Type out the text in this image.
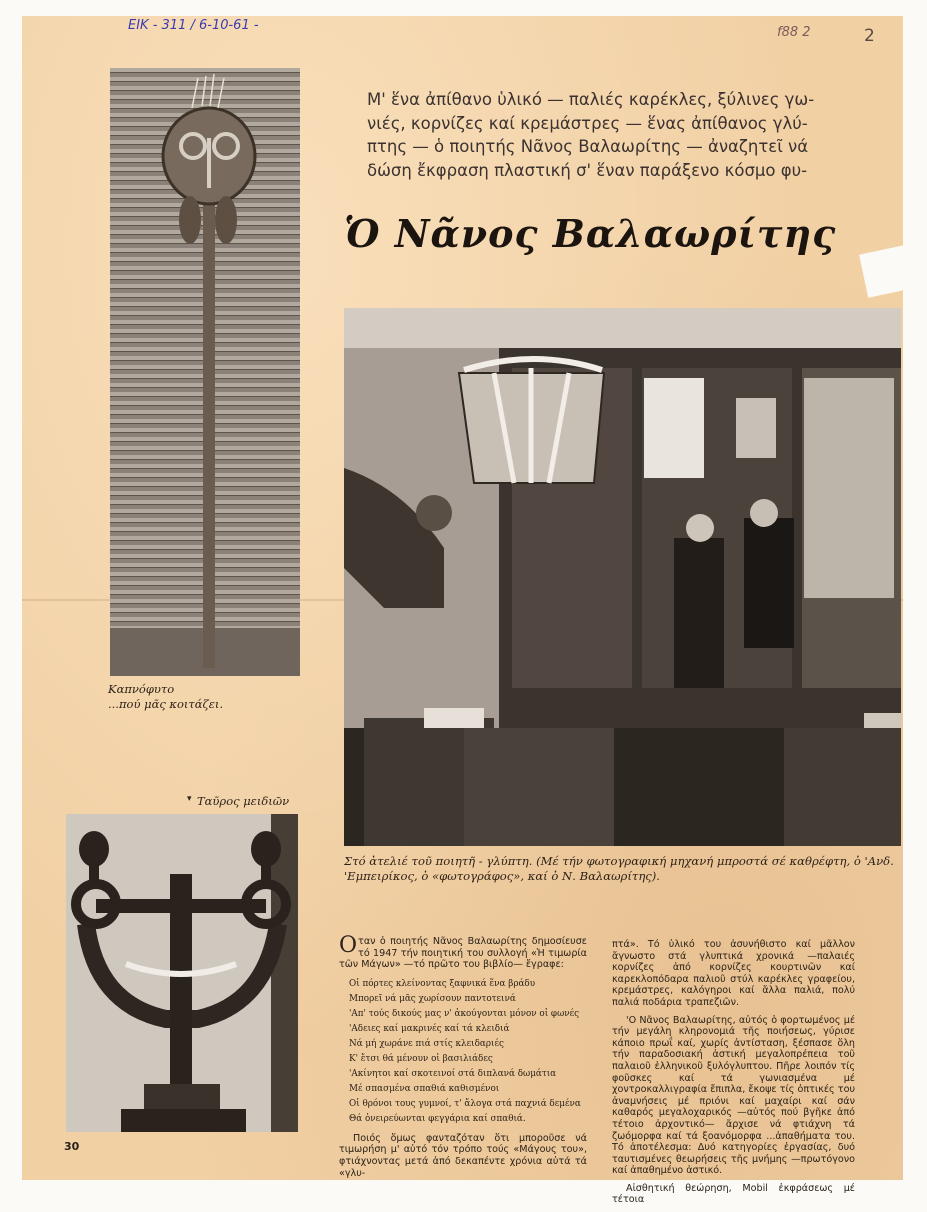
ΕΙΚ - 311 / 6-10-61 -	f88 2	2
Καπνόφυτο
...πού μᾶς κοιτάζει.
Μ' ἕνα ἀπίθανο ὑλικό — παλιές καρέκλες, ξύλινες γω-
νιές, κορνίζες καί κρεμάστρες — ἕνας ἀπίθανος γλύ-
πτης — ὁ ποιητής Νᾶνος Βαλαωρίτης — ἀναζητεῖ νά
δώση ἔκφραση πλαστική σ' ἕναν παράξενο κόσμο φυ-
Ὁ Νᾶνος Βαλαωρίτης
Στό ἀτελιέ τοῦ ποιητῆ - γλύπτη. (Μέ τήν φωτογραφική μηχανή μπροστά σέ καθρέφτη, ὁ 'Ανδ. 'Εμπειρίκος, ὁ «φωτογράφος», καί ὁ Ν. Βαλαωρίτης).
▾ Ταῦρος μειδιῶν

Οταν ὁ ποιητής Νᾶνος Βαλαωρίτης δημοσίευσε τό 1947 τήν ποιητική του συλλογή «Ἡ τιμωρία τῶν Μάγων» —τό πρῶτο του βιβλίο— ἔγραφε:

Οἱ πόρτες κλείνοντας ξαφνικά ἕνα βράδυ
Μπορεῖ νά μᾶς χωρίσουν παντοτεινά
'Απ' τούς δικούς μας ν' ἀκούγονται μόνον οἱ φωνές
'Αδειες καί μακρινές καί τά κλειδιά
Νά μή χωράνε πιά στίς κλειδαριές
Κ' ἔτσι θά μένουν οἱ βασιλιάδες
'Ακίνητοι καί σκοτεινοί στά διπλανά δωμάτια
Μέ σπασμένα σπαθιά καθισμένοι
Οἱ θρόνοι τους γυμνοί, τ' ἄλογα στά παχνιά δεμένα
Θά ὀνειρεύωνται φεγγάρια καί σπαθιά.

Ποιός ὅμως φανταζόταν ὅτι μποροῦσε νά τιμωρήση μ' αὐτό τόν τρόπο τούς «Μάγους του», φτιάχνοντας μετά ἀπό δεκαπέντε χρόνια αὐτά τά «γλυ-

πτά». Τό ὑλικό του ἀσυνήθιστο καί μᾶλλον ἄγνωστο στά γλυπτικά χρονικά —παλαιές κορνίζες ἀπό κορνίζες κουρτινῶν καί καρεκλοπόδαρα παλιοῦ στύλ καρέκλες γραφείου, κρεμάστρες, καλόγηροι καί ἄλλα παλιά, πολύ παλιά ποδάρια τραπεζιῶν.

'Ο Νᾶνος Βαλαωρίτης, αὐτός ὁ φορτωμένος μέ τήν μεγάλη κληρονομιά τῆς ποιήσεως, γύρισε κάποιο πρωΐ καί, χωρίς ἀντίσταση, ξέσπασε ὅλη τήν παραδοσιακή ἀστική μεγαλοπρέπεια τοῦ παλαιοῦ ἑλληνικοῦ ξυλόγλυπτου. Πῆρε λοιπόν τίς φοῦσκες καί τά γωνιασμένα μέ χοντροκαλλιγραφία ἔπιπλα, ἔκοψε τίς ὀπτικές του ἀναμνήσεις μέ πριόνι καί μαχαίρι καί σάν καθαρός μεγαλοχαρικός —αὐτός πού βγῆκε ἀπό τέτοιο ἀρχοντικό— ἄρχισε νά φτιάχνη τά ζωόμορφα καί τά ξοανόμορφα ...ἀπαθήματα του. Τό ἀποτέλεσμα: Δυό κατηγορίες ἐργασίας, δυό ταυτισμένες θεωρήσεις τῆς μνήμης —πρωτόγονο καί ἀπαθημένο ἀστικό.

Αἰσθητική θεώρηση, Mobil ἐκφράσεως μέ τέτοια

30
